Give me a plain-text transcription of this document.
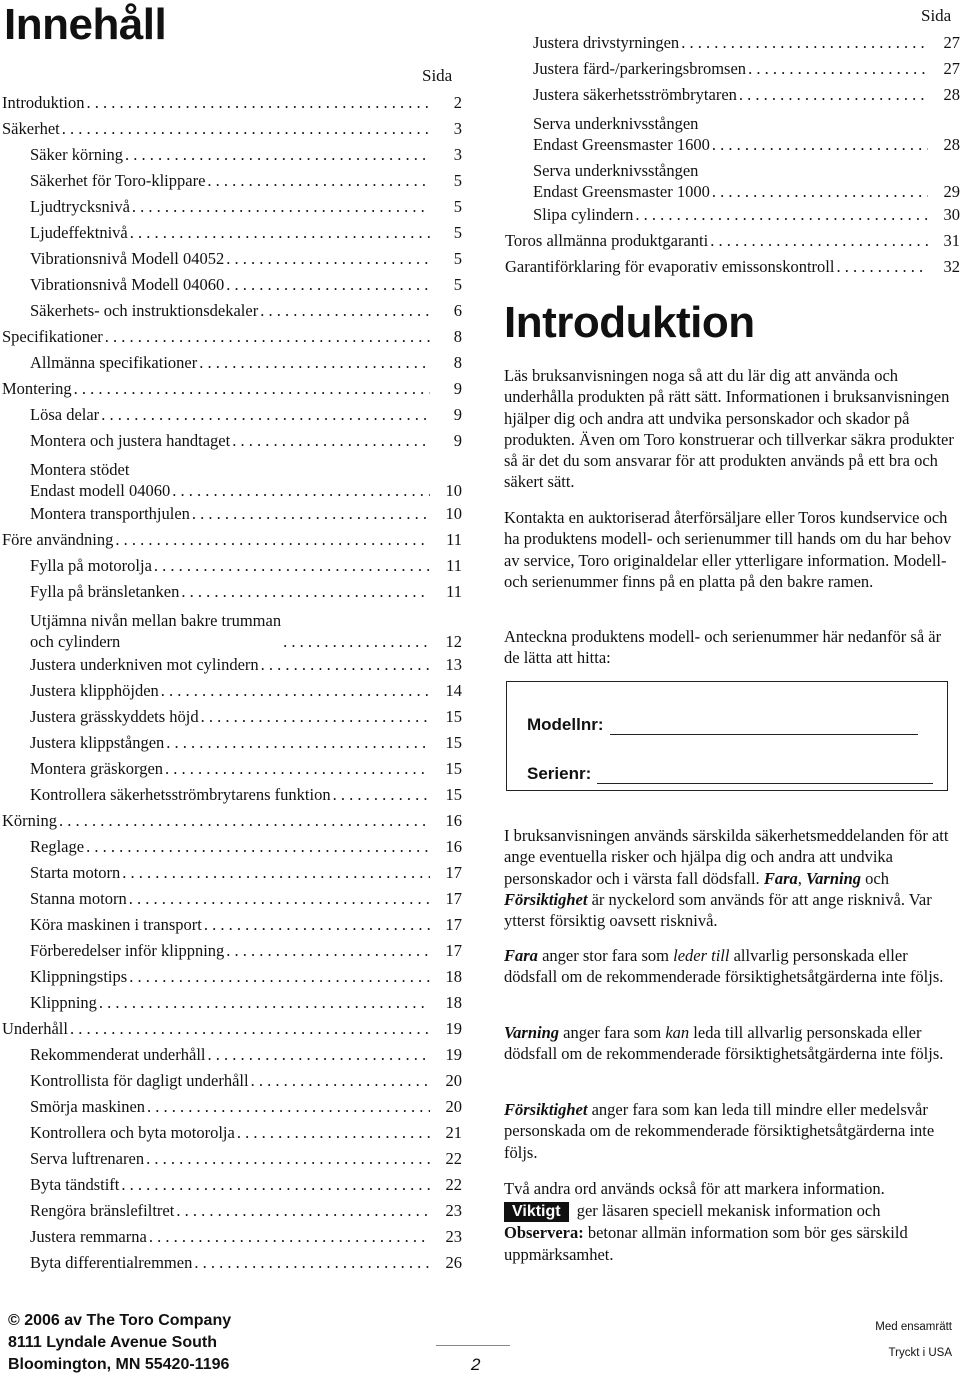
Innehåll
Sida
Sida
Introduktion . . .	2
Säkerhet . . .	3
Säker körning . . .	3
Säkerhet för Toro-klippare . . .	5
Ljudtrycksnivå . . .	5
Ljudeffektnivå . . .	5
Vibrationsnivå Modell 04052 . . .	5
Vibrationsnivå Modell 04060 . . .	5
Säkerhets- och instruktionsdekaler . . .	6
Specifikationer . . .	8
Allmänna specifikationer . . .	8
Montering . . .	9
Lösa delar . . .	9
Montera och justera handtaget . . .	9
Montera stödet
Endast modell 04060 . . .	10
Montera transporthjulen . . .	10
Före användning . . .	11
Fylla på motorolja . . .	11
Fylla på bränsletanken . . .	11
Utjämna nivån mellan bakre trumman
och cylindern . . .	12
Justera underkniven mot cylindern . . .	13
Justera klipphöjden . . .	14
Justera grässkyddets höjd . . .	15
Justera klippstången . . .	15
Montera gräskorgen . . .	15
Kontrollera säkerhetsströmbrytarens funktion . . .	15
Körning . . .	16
Reglage . . .	16
Starta motorn . . .	17
Stanna motorn . . .	17
Köra maskinen i transport . . .	17
Förberedelser inför klippning . . .	17
Klippningstips . . .	18
Klippning . . .	18
Underhåll . . .	19
Rekommenderat underhåll . . .	19
Kontrollista för dagligt underhåll . . .	20
Smörja maskinen . . .	20
Kontrollera och byta motorolja . . .	21
Serva luftrenaren . . .	22
Byta tändstift . . .	22
Rengöra bränslefiltret . . .	23
Justera remmarna . . .	23
Byta differentialremmen . . .	26
Justera drivstyrningen . . .	27
Justera färd-/parkeringsbromsen . . .	27
Justera säkerhetsströmbrytaren . . .	28
Serva underknivsstången
Endast Greensmaster 1600 . . .	28
Serva underknivsstången
Endast Greensmaster 1000 . . .	29
Slipa cylindern . . .	30
Toros allmänna produktgaranti . . .	31
Garantiförklaring för evaporativ emissonskontroll . . .	32
Introduktion

Läs bruksanvisningen noga så att du lär dig att använda och underhålla produkten på rätt sätt. Informationen i bruksanvisningen hjälper dig och andra att undvika personskador och skador på produkten. Även om Toro konstruerar och tillverkar säkra produkter så är det du som ansvarar för att produkten används på ett bra och säkert sätt.

Kontakta en auktoriserad återförsäljare eller Toros kundservice och ha produktens modell- och serienummer till hands om du har behov av service, Toro originaldelar eller ytterligare information. Modell- och serienummer finns på en platta på den bakre ramen.

Anteckna produktens modell- och serienummer här nedanför så är de lätta att hitta:

Modellnr:
Serienr:

I bruksanvisningen används särskilda säkerhetsmeddelanden för att ange eventuella risker och hjälpa dig och andra att undvika personskador och i värsta fall dödsfall. Fara, Varning och Försiktighet är nyckelord som används för att ange risknivå. Var ytterst försiktig oavsett risknivå.

Fara anger stor fara som leder till allvarlig personskada eller dödsfall om de rekommenderade försiktighetsåtgärderna inte följs.

Varning anger fara som kan leda till allvarlig personskada eller dödsfall om de rekommenderade försiktighetsåtgärderna inte följs.

Försiktighet anger fara som kan leda till mindre eller medelsvår personskada om de rekommenderade försiktighetsåtgärderna inte följs.

Två andra ord används också för att markera information.
Viktigt ger läsaren speciell mekanisk information och Observera: betonar allmän information som bör ges särskild uppmärksamhet.

© 2006 av The Toro Company
8111 Lyndale Avenue South
Bloomington, MN 55420-1196	2
Med ensamrätt
Tryckt i USA
